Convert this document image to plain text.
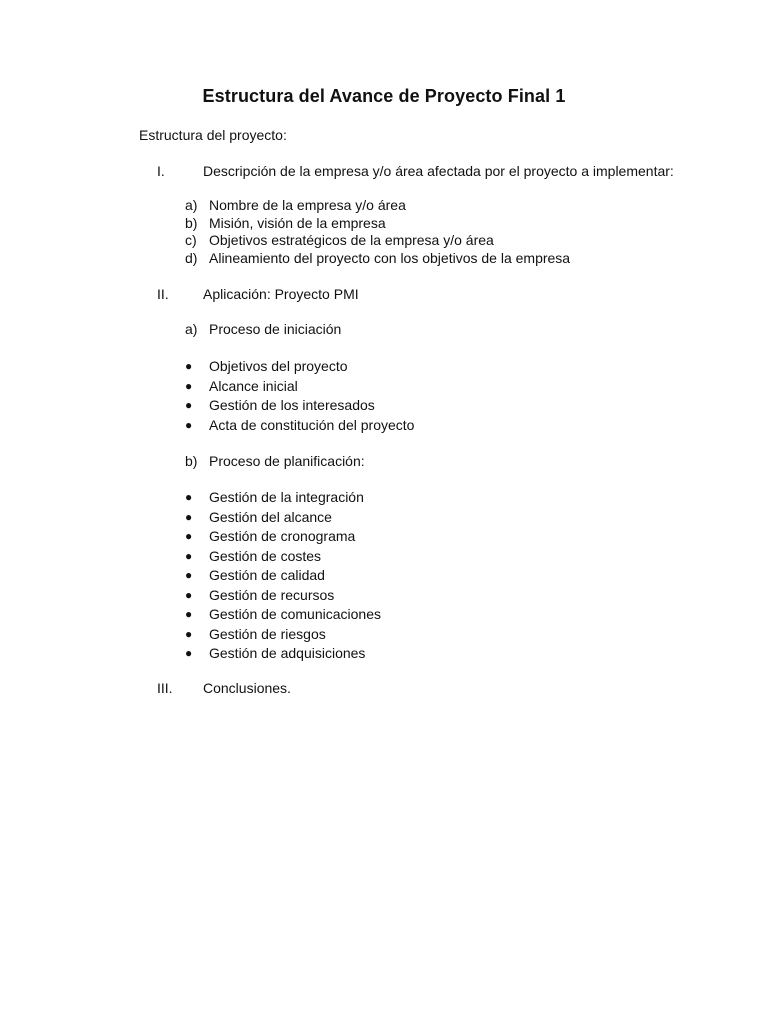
Estructura del Avance de Proyecto Final 1
Estructura del proyecto:
I.	Descripción de la empresa y/o área afectada por el proyecto a implementar:
a) Nombre de la empresa y/o área
b) Misión, visión de la empresa
c) Objetivos estratégicos de la empresa y/o área
d) Alineamiento del proyecto con los objetivos de la empresa
II. Aplicación: Proyecto PMI
a) Proceso de iniciación
● Objetivos del proyecto
● Alcance inicial
● Gestión de los interesados
● Acta de constitución del proyecto
b) Proceso de planificación:
● Gestión de la integración
● Gestión del alcance
● Gestión de cronograma
● Gestión de costes
● Gestión de calidad
● Gestión de recursos
● Gestión de comunicaciones
● Gestión de riesgos
● Gestión de adquisiciones
III. Conclusiones.
